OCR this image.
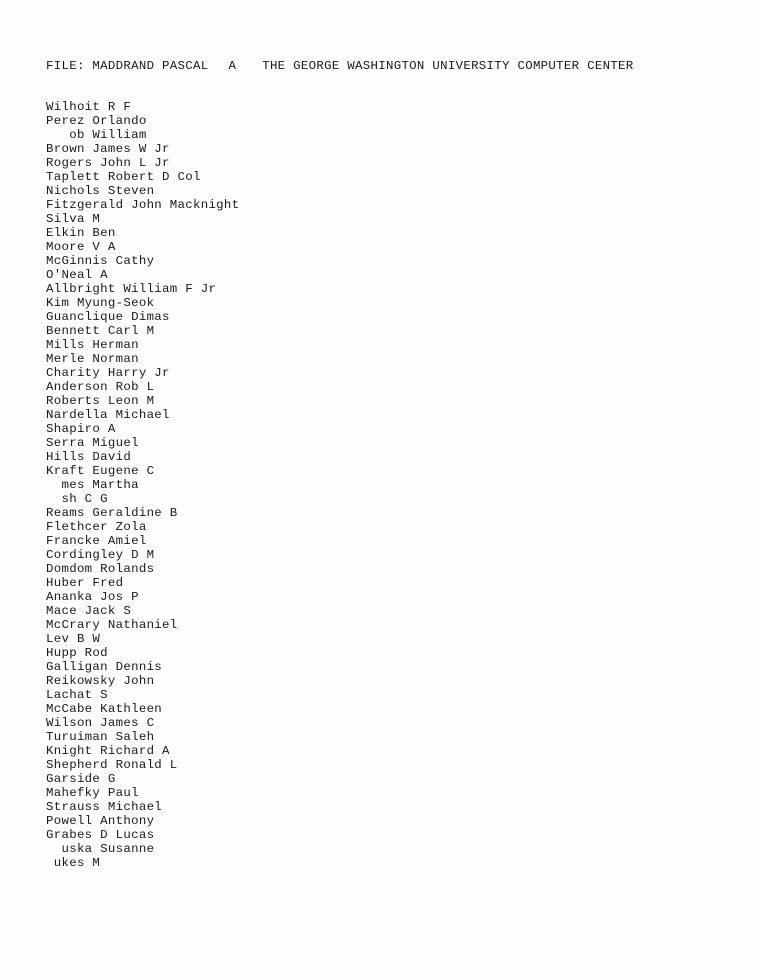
FILE: MADDRAND PASCAL A THE GEORGE WASHINGTON UNIVERSITY COMPUTER CENTER
Wilhoit R F
Perez Orlando
ob William
Brown James W Jr
Rogers John L Jr
Taplett Robert D Col
Nichols Steven
Fitzgerald John Macknight
Silva M
Elkin Ben
Moore V A
McGinnis Cathy
O'Neal A
Allbright William F Jr
Kim Myung-Seok
Guanclique Dimas
Bennett Carl M
Mills Herman
Merle Norman
Charity Harry Jr
Anderson Rob L
Roberts Leon M
Nardella Michael
Shapiro A
Serra Miguel
Hills David
Kraft Eugene C
mes Martha
sh C G
Reams Geraldine B
Flethcer Zola
Francke Amiel
Cordingley D M
Domdom Rolands
Huber Fred
Ananka Jos P
Mace Jack S
McCrary Nathaniel
Lev B W
Hupp Rod
Galligan Dennis
Reikowsky John
Lachat S
McCabe Kathleen
Wilson James C
Turuiman Saleh
Knight Richard A
Shepherd Ronald L
Garside G
Mahefky Paul
Strauss Michael
Powell Anthony
Grabes D Lucas
uska Susanne
ukes M
